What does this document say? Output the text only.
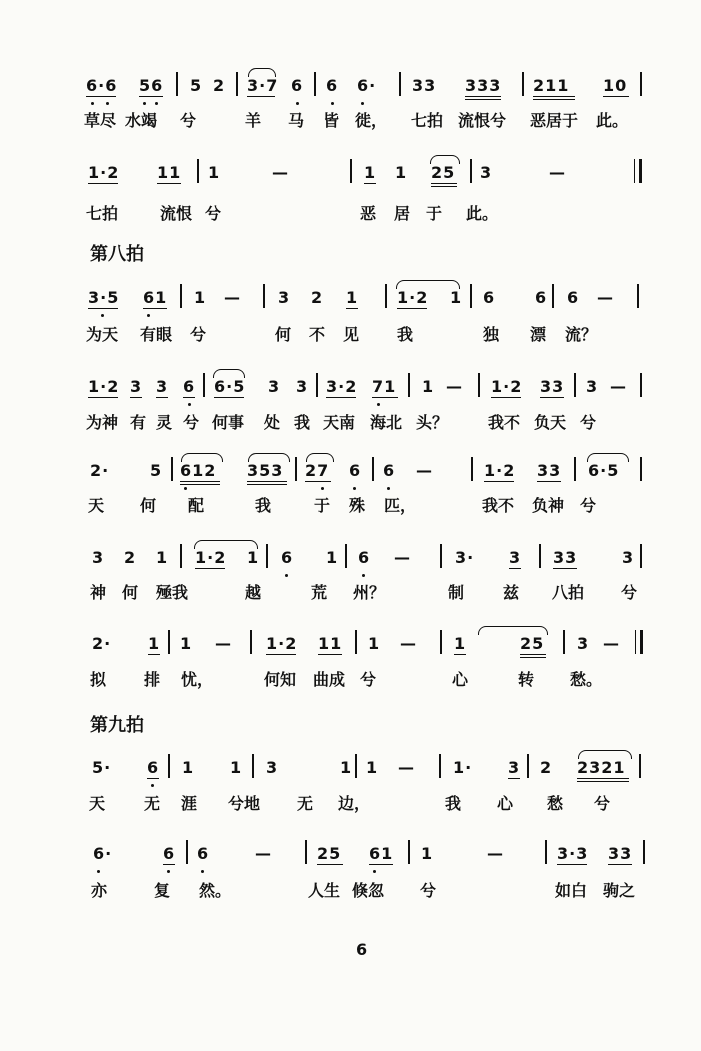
6·6 56 5 2 3·7 6 6 6· 33 333 211 10
草尽 水竭 兮	羊 马 皆 徙， 七拍 流恨兮 恶居于 此。
1·2 11 1	—	1 1 25 3	—
七拍	流恨 兮	恶 居 于 此。
第八拍
3·5 61 1 — 3 2 1 1·2 1 6 6 6 —
为天 有眼 兮	何 不 见 我	独 漂 流？
1·2 3 3 6 6·5 3 3 3·2 71 1 — 1·2 33 3 —
为神 有 灵 兮 何事 处 我 天南 海北 头？ 我不 负天 兮
2·	5 612 353 27 6 6 —	1·2 33 6·5
天 何 配	我	于 殊 匹，	我不 负神 兮
3 2 1 1·2 1 6 1 6 —	3· 3 33	3
神 何 殛我	越	荒 州？	制 兹 八拍 兮
2· 1 1 — 1·2 11 1 — 1	25 3 —
拟 排 忧，	何知 曲成 兮	心	转 愁。
第九拍
5· 6 1 1 3	1 1 — 1· 3 2 2321
天 无 涯 兮地 无 边，	我 心 愁 兮
6·	6 6	—	25 61 1	—	3·3 33
亦	复 然。	人生 倏忽 兮	如白 驹之
6
